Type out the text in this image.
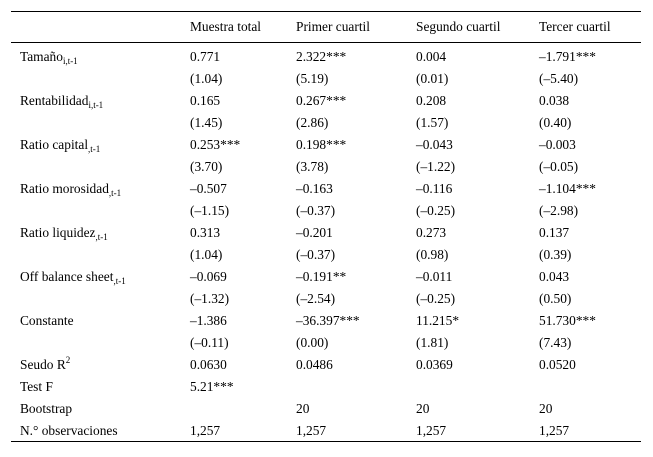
	Muestra total	Primer cuartil	Segundo cuartil	Tercer cuartil
Tamaño$_{i,t-1}$	0.771	2.322***	0.004	–1.791***
	(1.04)	(5.19)	(0.01)	(–5.40)
Rentabilidad$_{i,t-1}$	0.165	0.267***	0.208	0.038
	(1.45)	(2.86)	(1.57)	(0.40)
Ratio capital$_{,t-1}$	0.253***	0.198***	–0.043	–0.003
	(3.70)	(3.78)	(–1.22)	(–0.05)
Ratio morosidad$_{,t-1}$	–0.507	–0.163	–0.116	–1.104***
	(–1.15)	(–0.37)	(–0.25)	(–2.98)
Ratio liquidez$_{,t-1}$	0.313	–0.201	0.273	0.137
	(1.04)	(–0.37)	(0.98)	(0.39)
Off balance sheet$_{,t-1}$	–0.069	–0.191**	–0.011	0.043
	(–1.32)	(–2.54)	(–0.25)	(0.50)
Constante	–1.386	–36.397***	11.215*	51.730***
	(–0.11)	(0.00)	(1.81)	(7.43)
Seudo $R^2$	0.0630	0.0486	0.0369	0.0520
Test F	5.21***			
Bootstrap		20	20	20
N.° observaciones	1,257	1,257	1,257	1,257
